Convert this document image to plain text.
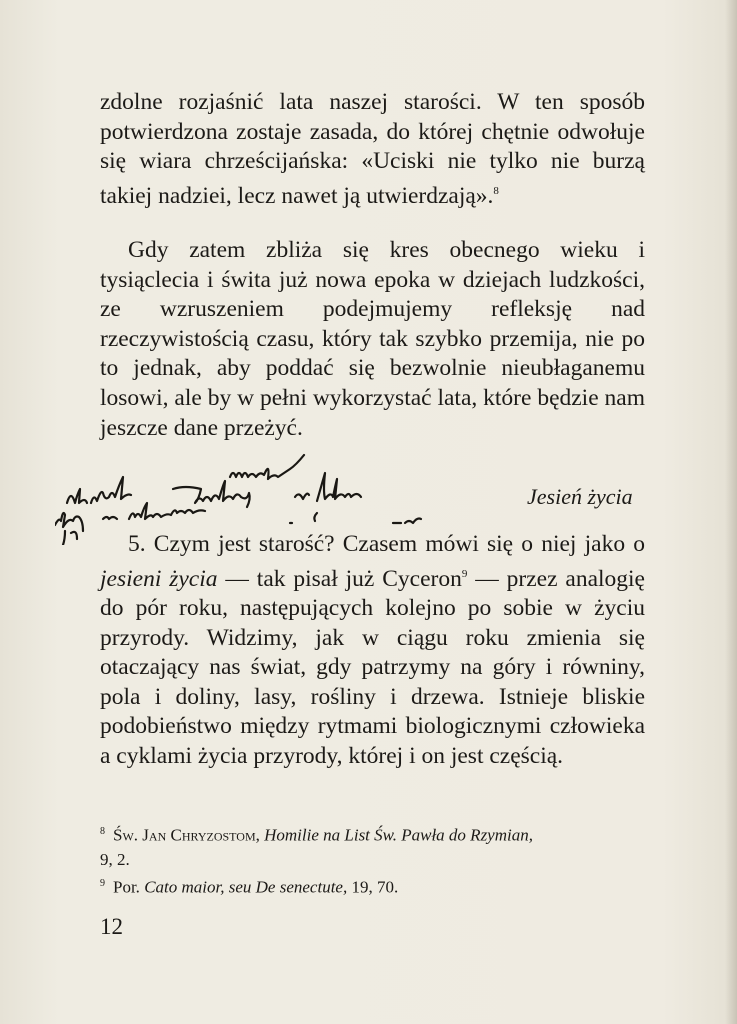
zdolne rozjaśnić lata naszej starości. W ten sposób potwierdzona zostaje zasada, do której chętnie odwołuje się wiara chrześcijańska: «Uciski nie tylko nie burzą takiej nadziei, lecz nawet ją utwierdzają».$^8$

Gdy zatem zbliża się kres obecnego wieku i tysiąclecia i świta już nowa epoka w dziejach ludzkości, ze wzruszeniem podejmujemy refleksję nad rzeczywistością czasu, który tak szybko przemija, nie po to jednak, aby poddać się bezwolnie nieubłaganemu losowi, ale by w pełni wykorzystać lata, które będzie nam jeszcze dane przeżyć.

Jesień życia

5. Czym jest starość? Czasem mówi się o niej jako o jesieni życia — tak pisał już Cyceron$^9$ — przez analogię do pór roku, następujących kolejno po sobie w życiu przyrody. Widzimy, jak w ciągu roku zmienia się otaczający nas świat, gdy patrzymy na góry i równiny, pola i doliny, lasy, rośliny i drzewa. Istnieje bliskie podobieństwo między rytmami biologicznymi człowieka a cyklami życia przyrody, której i on jest częścią.

$^8$ Św. Jan Chryzostom, Homilie na List Św. Pawła do Rzymian,
9, 2.

$^9$ Por. Cato maior, seu De senectute, 19, 70.

12
